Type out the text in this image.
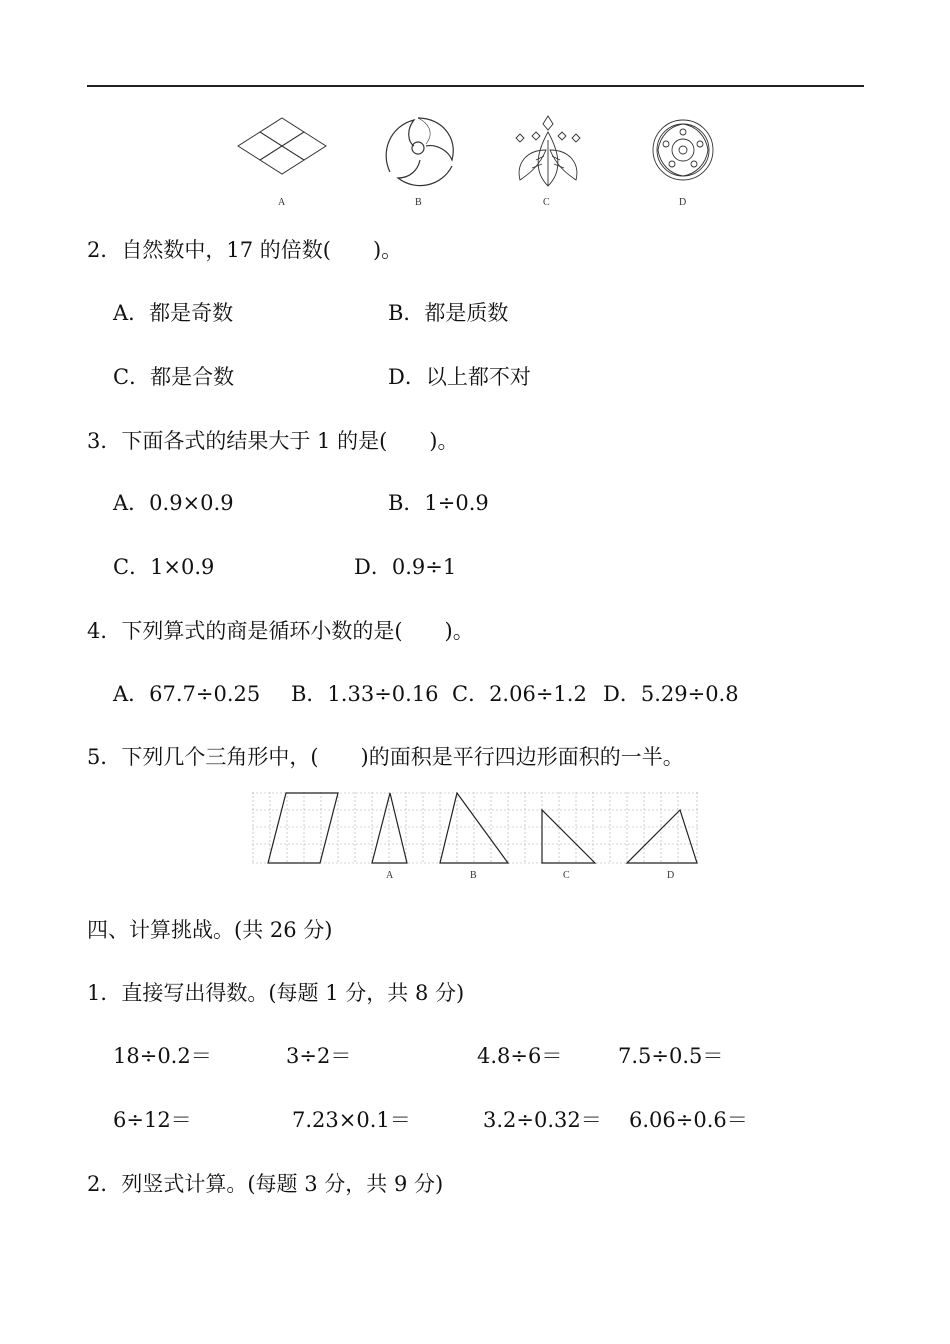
A	B	C	D
2．自然数中，17 的倍数(　　)。
A．都是奇数	B．都是质数
C．都是合数	D．以上都不对
3．下面各式的结果大于 1 的是(　　)。
A．0.9×0.9	B．1÷0.9
C．1×0.9	D．0.9÷1
4．下列算式的商是循环小数的是(　　)。
A．67.7÷0.25 B．1.33÷0.16 C．2.06÷1.2 D．5.29÷0.8
5．下列几个三角形中，(　　)的面积是平行四边形面积的一半。
A	B	C	D
四、计算挑战。(共 26 分)
1．直接写出得数。(每题 1 分，共 8 分)
18÷0.2＝	3÷2＝	4.8÷6＝	7.5÷0.5＝
6÷12＝	7.23×0.1＝	3.2÷0.32＝ 6.06÷0.6＝
2．列竖式计算。(每题 3 分，共 9 分)
